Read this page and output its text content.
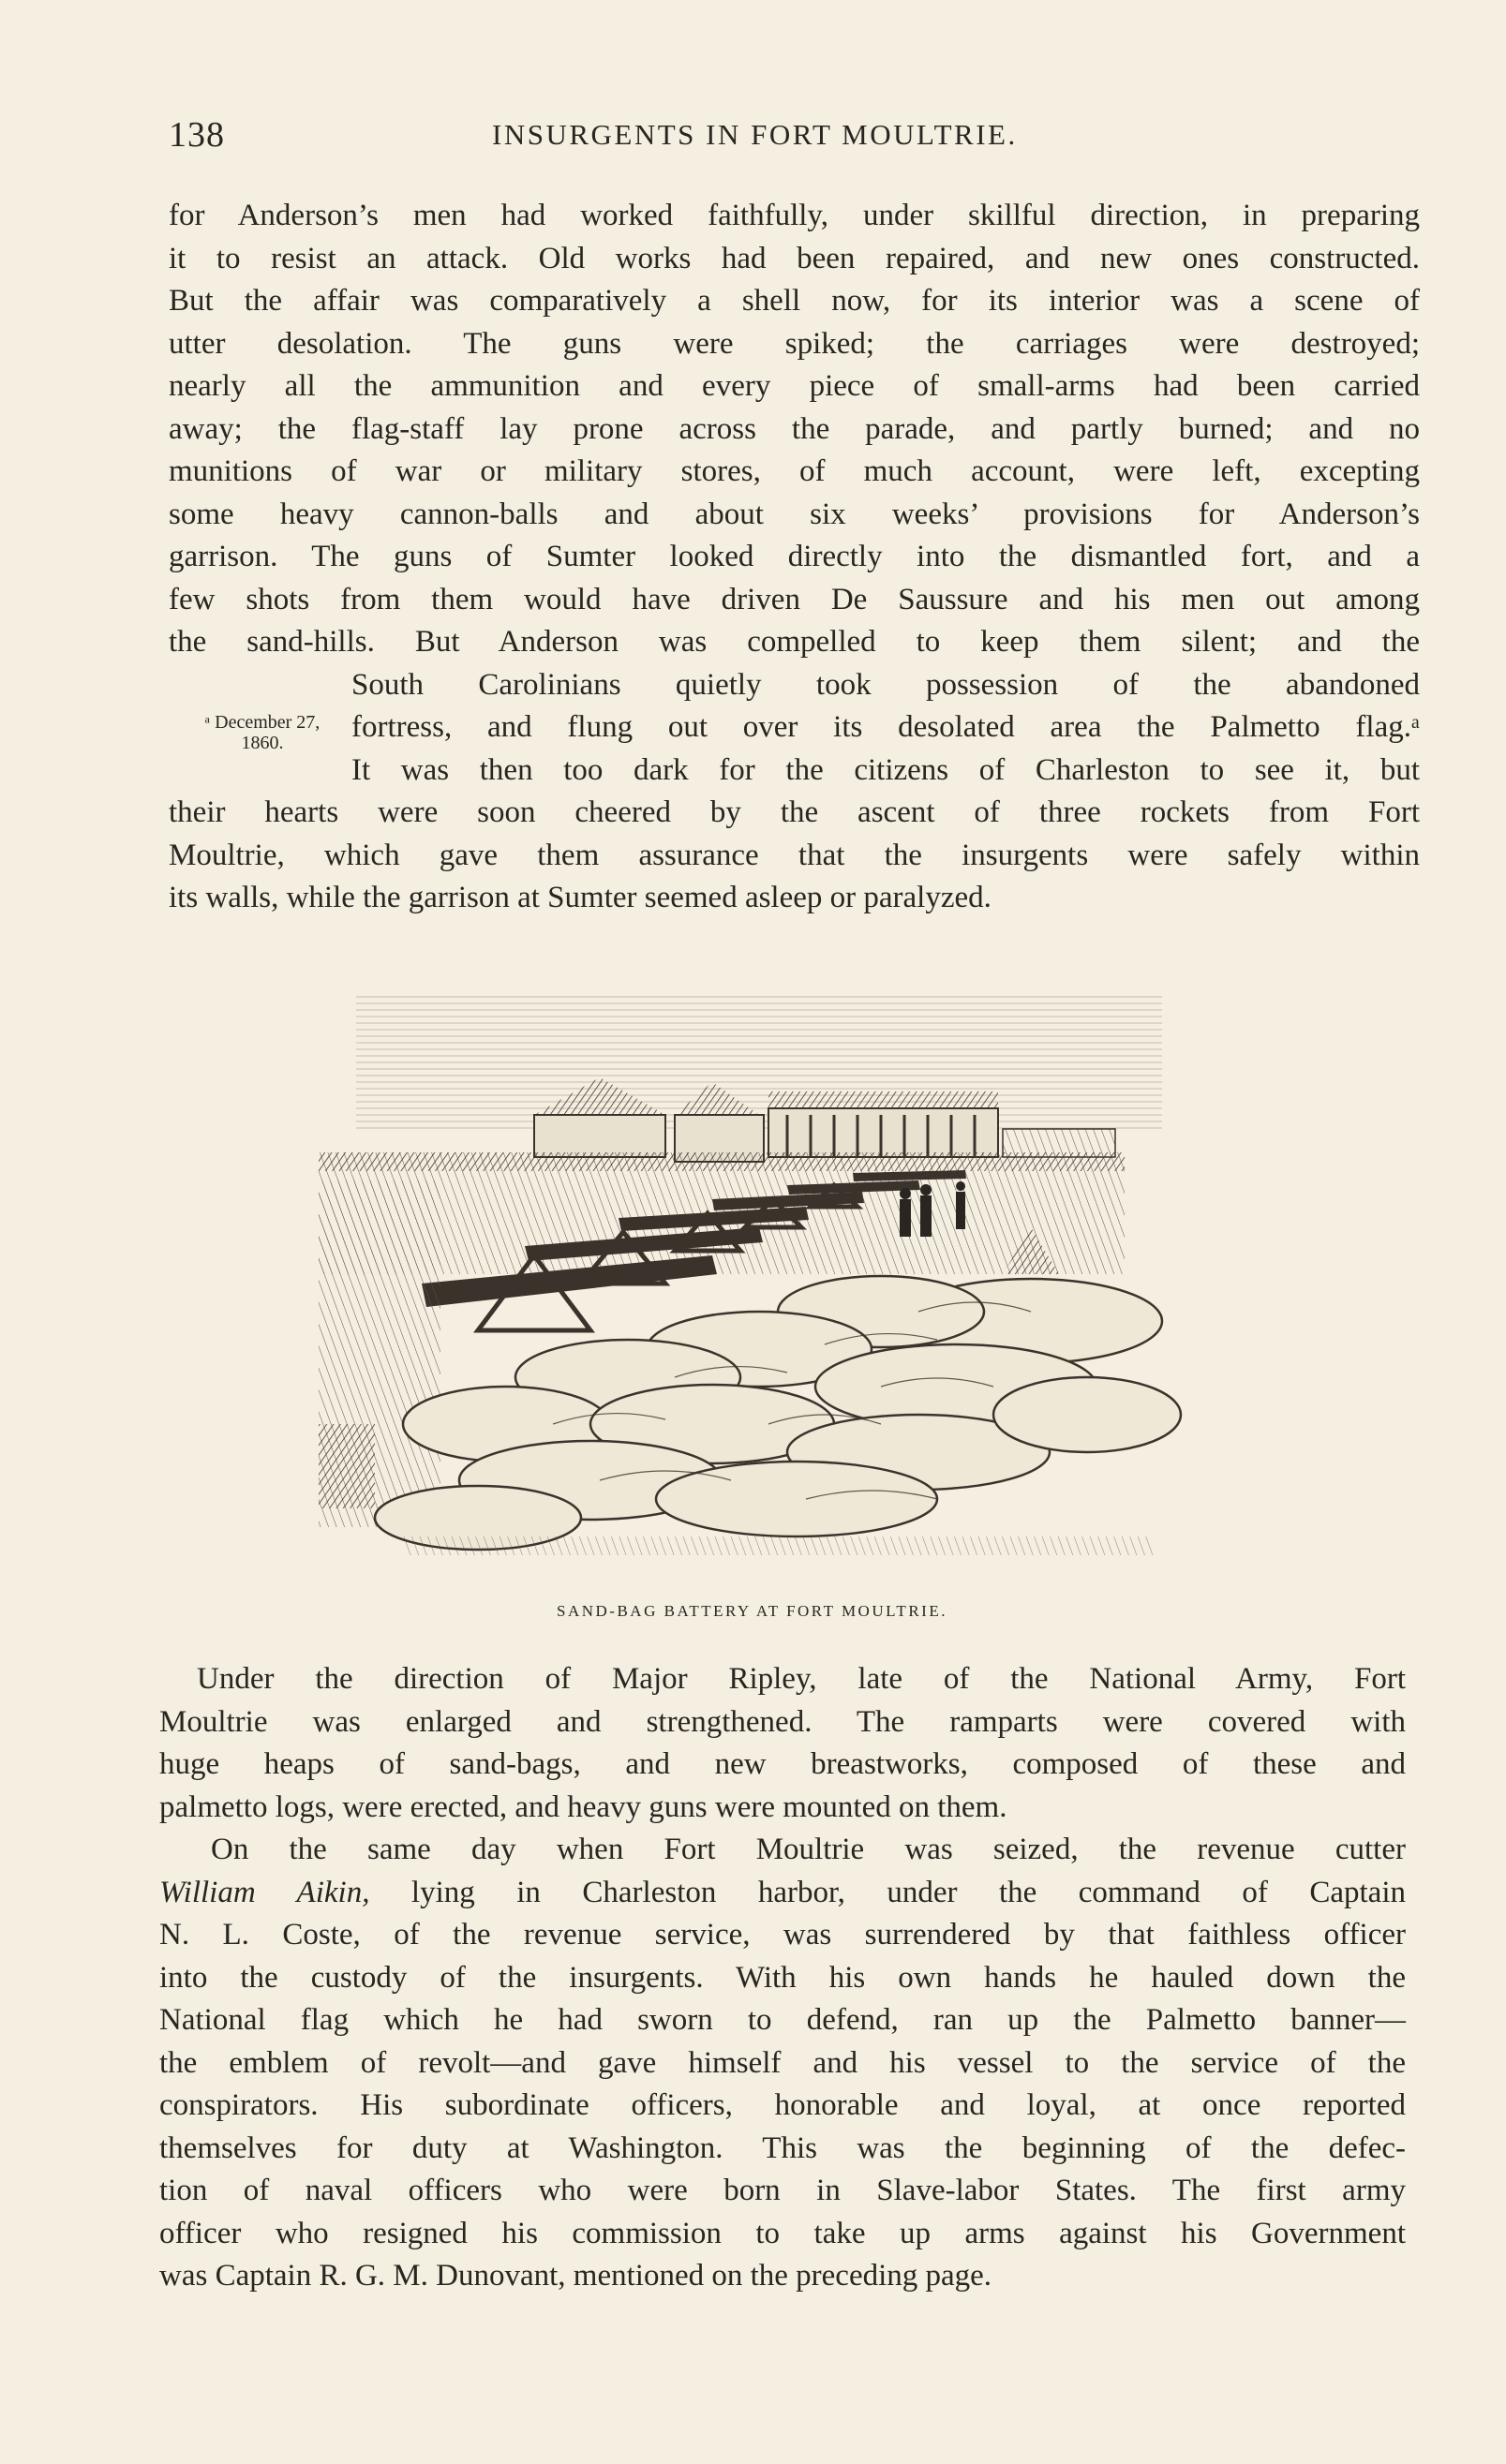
138	INSURGENTS IN FORT MOULTRIE.
for Anderson’s men had worked faithfully, under skillful direction, in preparing
it to resist an attack. Old works had been repaired, and new ones constructed.
But the affair was comparatively a shell now, for its interior was a scene of
utter desolation. The guns were spiked; the carriages were destroyed;
nearly all the ammunition and every piece of small-arms had been carried
away; the flag-staff lay prone across the parade, and partly burned; and no
munitions of war or military stores, of much account, were left, excepting
some heavy cannon-balls and about six weeks’ provisions for Anderson’s
garrison. The guns of Sumter looked directly into the dismantled fort, and a
few shots from them would have driven De Saussure and his men out among
the sand-hills. But Anderson was compelled to keep them silent; and the
South Carolinians quietly took possession of the abandoned
fortress, and flung out over its desolated area the Palmetto flag.ᵃ
It was then too dark for the citizens of Charleston to see it, but
their hearts were soon cheered by the ascent of three rockets from Fort
Moultrie, which gave them assurance that the insurgents were safely within
its walls, while the garrison at Sumter seemed asleep or paralyzed.
ᵃ December 27,
1860.
SAND-BAG BATTERY AT FORT MOULTRIE.
Under the direction of Major Ripley, late of the National Army, Fort
Moultrie was enlarged and strengthened. The ramparts were covered with
huge heaps of sand-bags, and new breastworks, composed of these and
palmetto logs, were erected, and heavy guns were mounted on them.
On the same day when Fort Moultrie was seized, the revenue cutter
William Aikin, lying in Charleston harbor, under the command of Captain
N. L. Coste, of the revenue service, was surrendered by that faithless officer
into the custody of the insurgents. With his own hands he hauled down the
National flag which he had sworn to defend, ran up the Palmetto banner—
the emblem of revolt—and gave himself and his vessel to the service of the
conspirators. His subordinate officers, honorable and loyal, at once reported
themselves for duty at Washington. This was the beginning of the defec-
tion of naval officers who were born in Slave-labor States. The first army
officer who resigned his commission to take up arms against his Government
was Captain R. G. M. Dunovant, mentioned on the preceding page.
